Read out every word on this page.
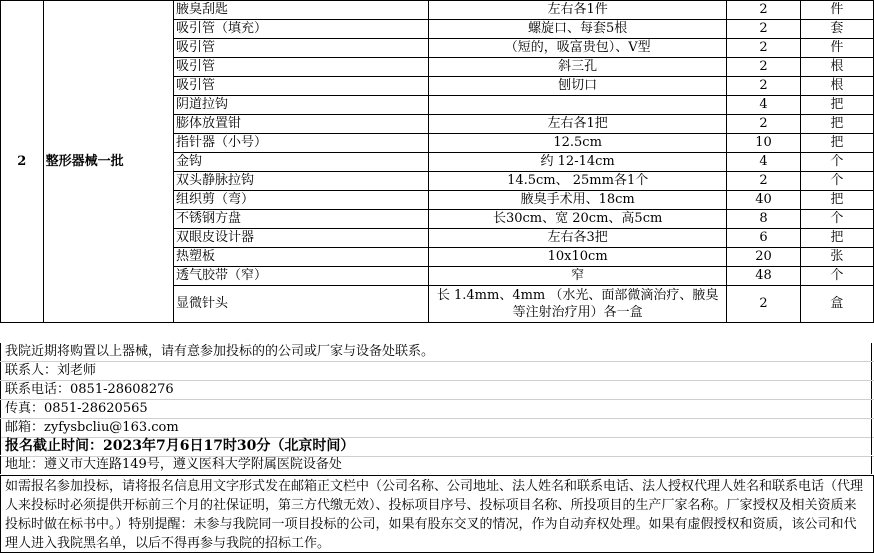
2	整形器械一批	腋臭刮匙	左右各1件	2	件
		吸引管（填充）	螺旋口、每套5根	2	套
		吸引管	（短的，吸富贵包）、V型	2	件
		吸引管	斜三孔	2	根
		吸引管	刨切口	2	根
		阴道拉钩		4	把
		膨体放置钳	左右各1把	2	把
		指针器（小号）	12.5cm	10	把
		金钩	约 12-14cm	4	个
		双头静脉拉钩	14.5cm、 25mm各1个	2	个
		组织剪（弯）	腋臭手术用、18cm	40	把
		不锈钢方盘	长30cm、宽 20cm、高5cm	8	个
		双眼皮设计器	左右各3把	6	把
		热塑板	10x10cm	20	张
		透气胶带（窄）	窄	48	个
		显微针头	长 1.4mm、4mm （水光、面部微滴治疗、腋臭等注射治疗用）各一盒	2	盒
我院近期将购置以上器械，请有意参加投标的的公司或厂家与设备处联系。
联系人：刘老师
联系电话：0851-28608276
传真：0851-28620565
邮箱：zyfysbcliu@163.com
报名截止时间：2023年7月6日17时30分（北京时间）
地址：遵义市大连路149号，遵义医科大学附属医院设备处
如需报名参加投标，请将报名信息用文字形式发在邮箱正文栏中（公司名称、公司地址、法人姓名和联系电话、法人授权代理人姓名和联系电话（代理人来投标时必须提供开标前三个月的社保证明，第三方代缴无效）、投标项目序号、投标项目名称、所投项目的生产厂家名称。厂家授权及相关资质来投标时做在标书中。）特别提醒：未参与我院同一项目投标的公司，如果有股东交叉的情况，作为自动弃权处理。如果有虚假授权和资质，该公司和代理人进入我院黑名单，以后不得再参与我院的招标工作。
